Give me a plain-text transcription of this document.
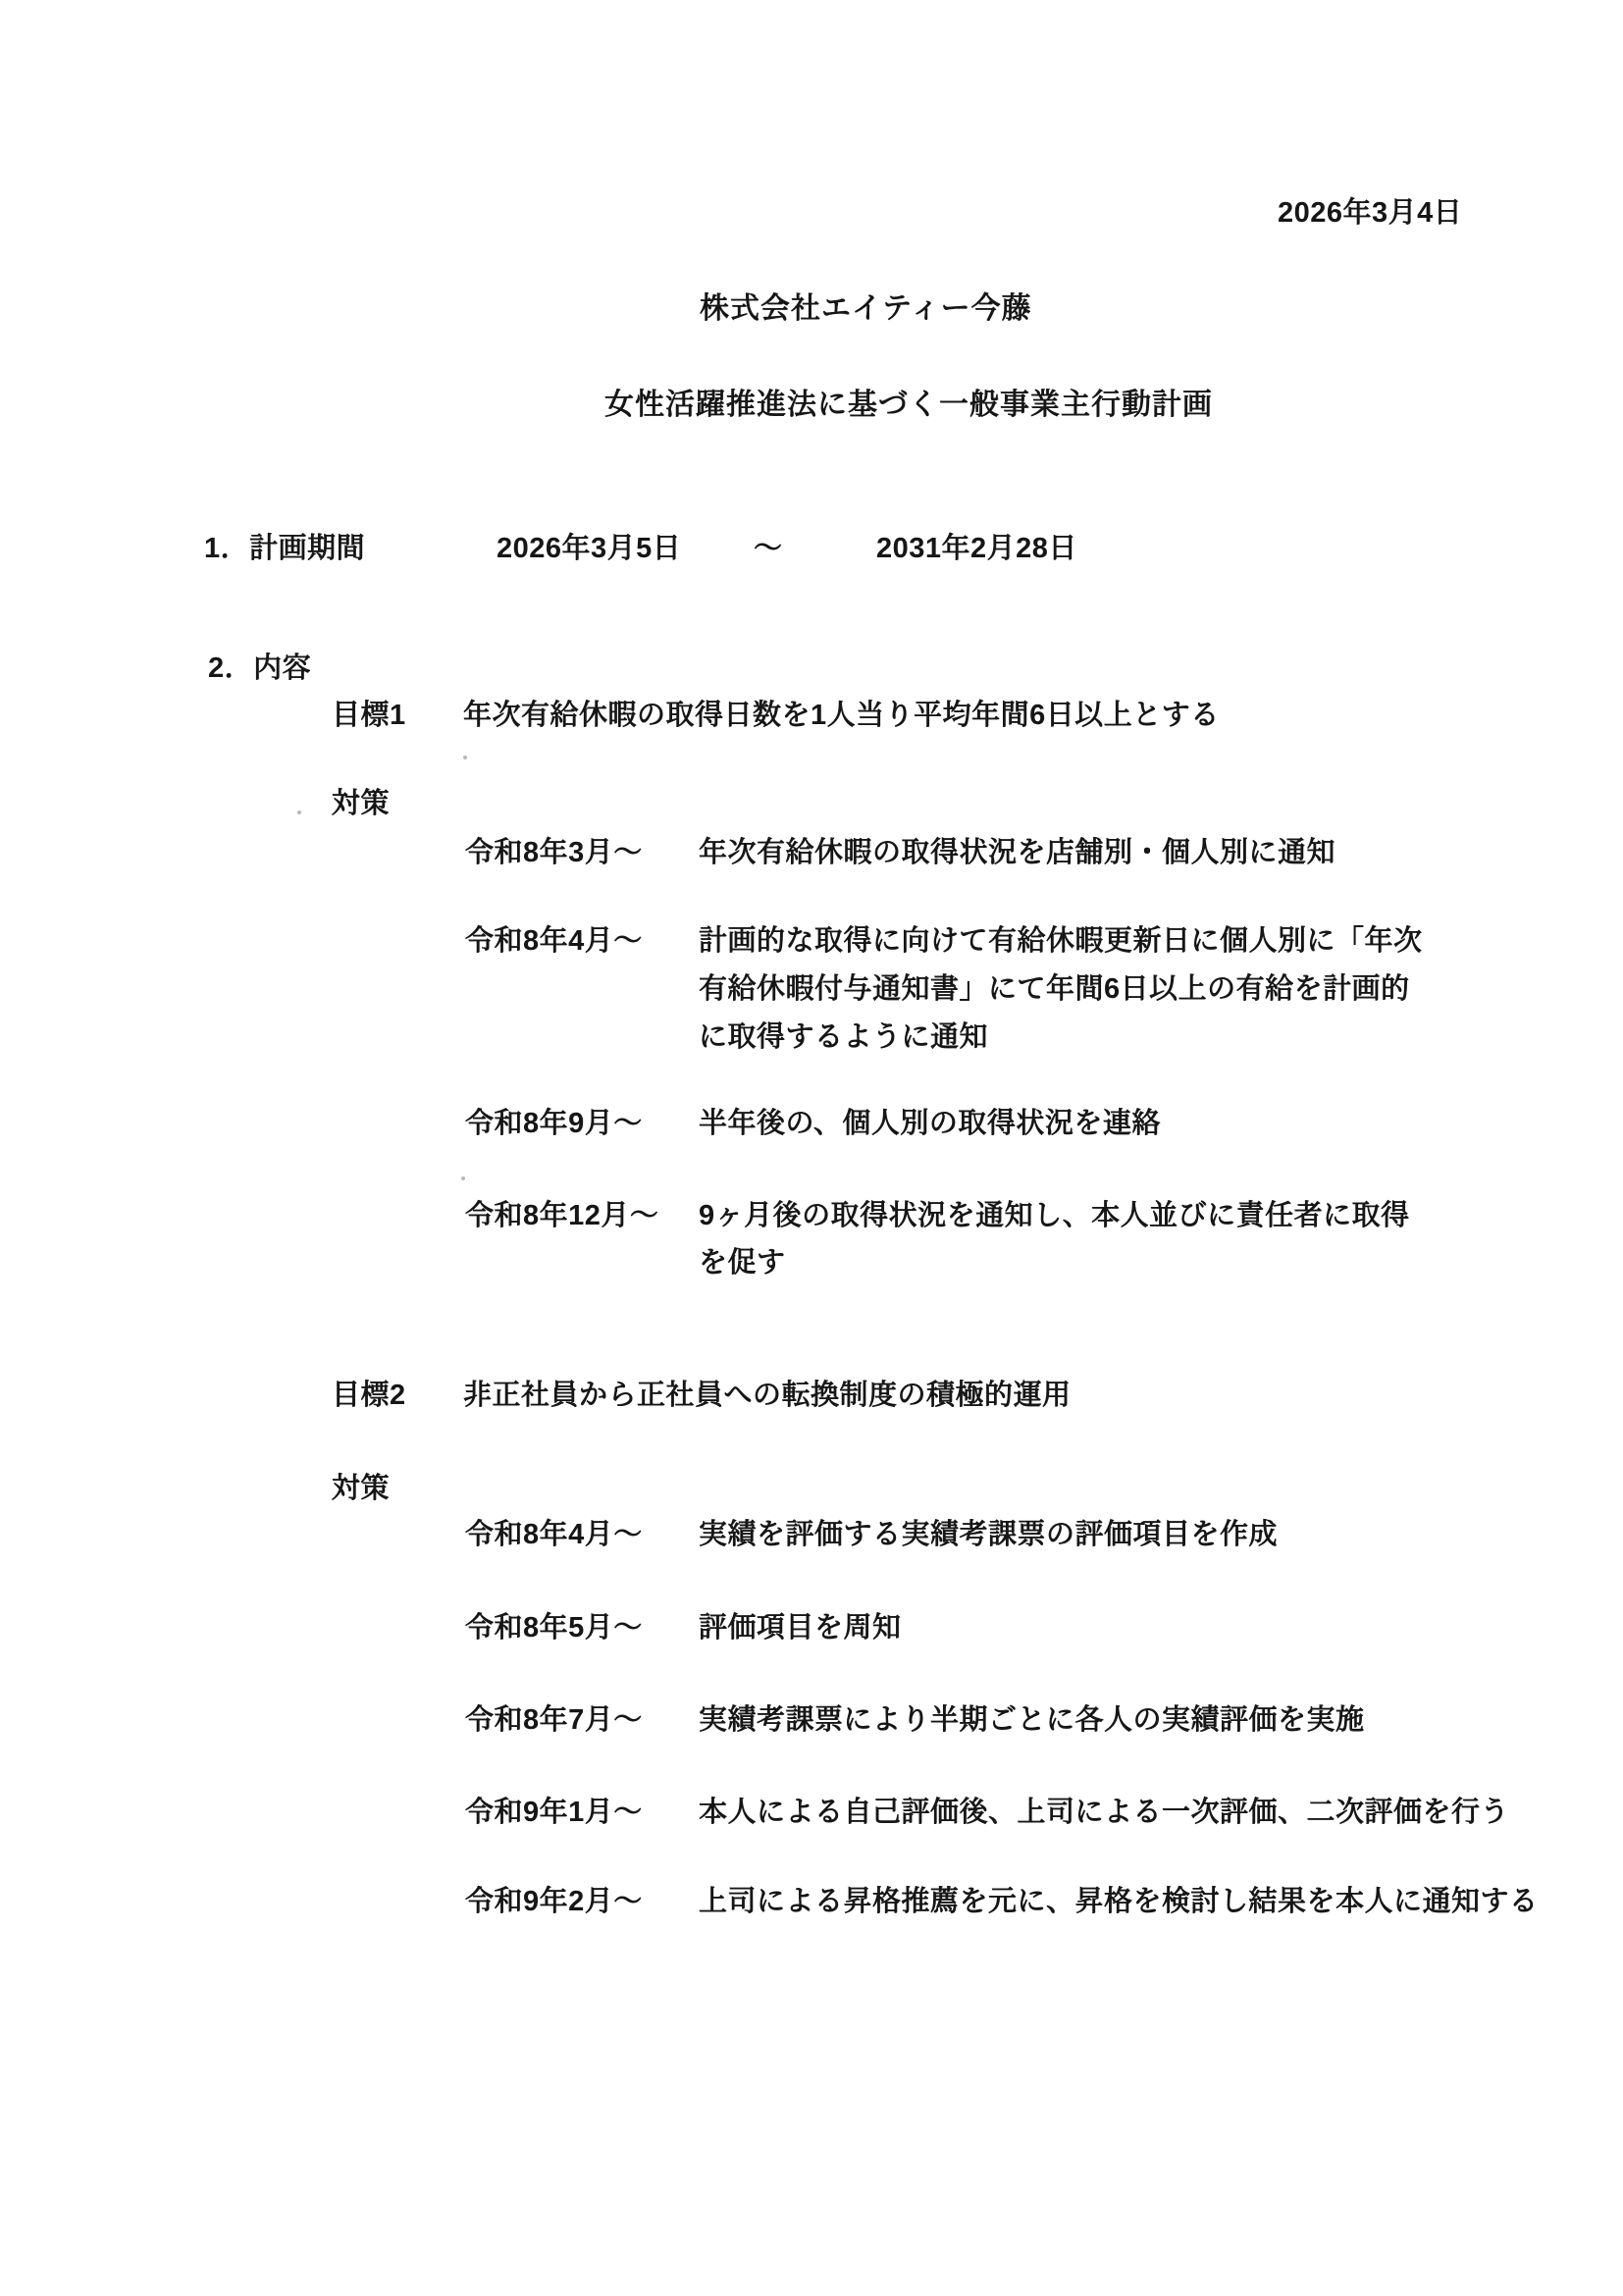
2026年3月4日
株式会社エイティー今藤
女性活躍推進法に基づく一般事業主行動計画
1．計画期間	2026年3月5日	～	2031年2月28日
2．内容
目標1 年次有給休暇の取得日数を1人当り平均年間6日以上とする
対策
令和8年3月～ 年次有給休暇の取得状況を店舗別・個人別に通知
令和8年4月～ 計画的な取得に向けて有給休暇更新日に個人別に「年次
有給休暇付与通知書」にて年間6日以上の有給を計画的
に取得するように通知
令和8年9月～ 半年後の、個人別の取得状況を連絡
令和8年12月～ 9ヶ月後の取得状況を通知し、本人並びに責任者に取得
を促す
目標2 非正社員から正社員への転換制度の積極的運用
対策
令和8年4月～ 実績を評価する実績考課票の評価項目を作成
令和8年5月～ 評価項目を周知
令和8年7月～ 実績考課票により半期ごとに各人の実績評価を実施
令和9年1月～ 本人による自己評価後、上司による一次評価、二次評価を行う
令和9年2月～ 上司による昇格推薦を元に、昇格を検討し結果を本人に通知する
